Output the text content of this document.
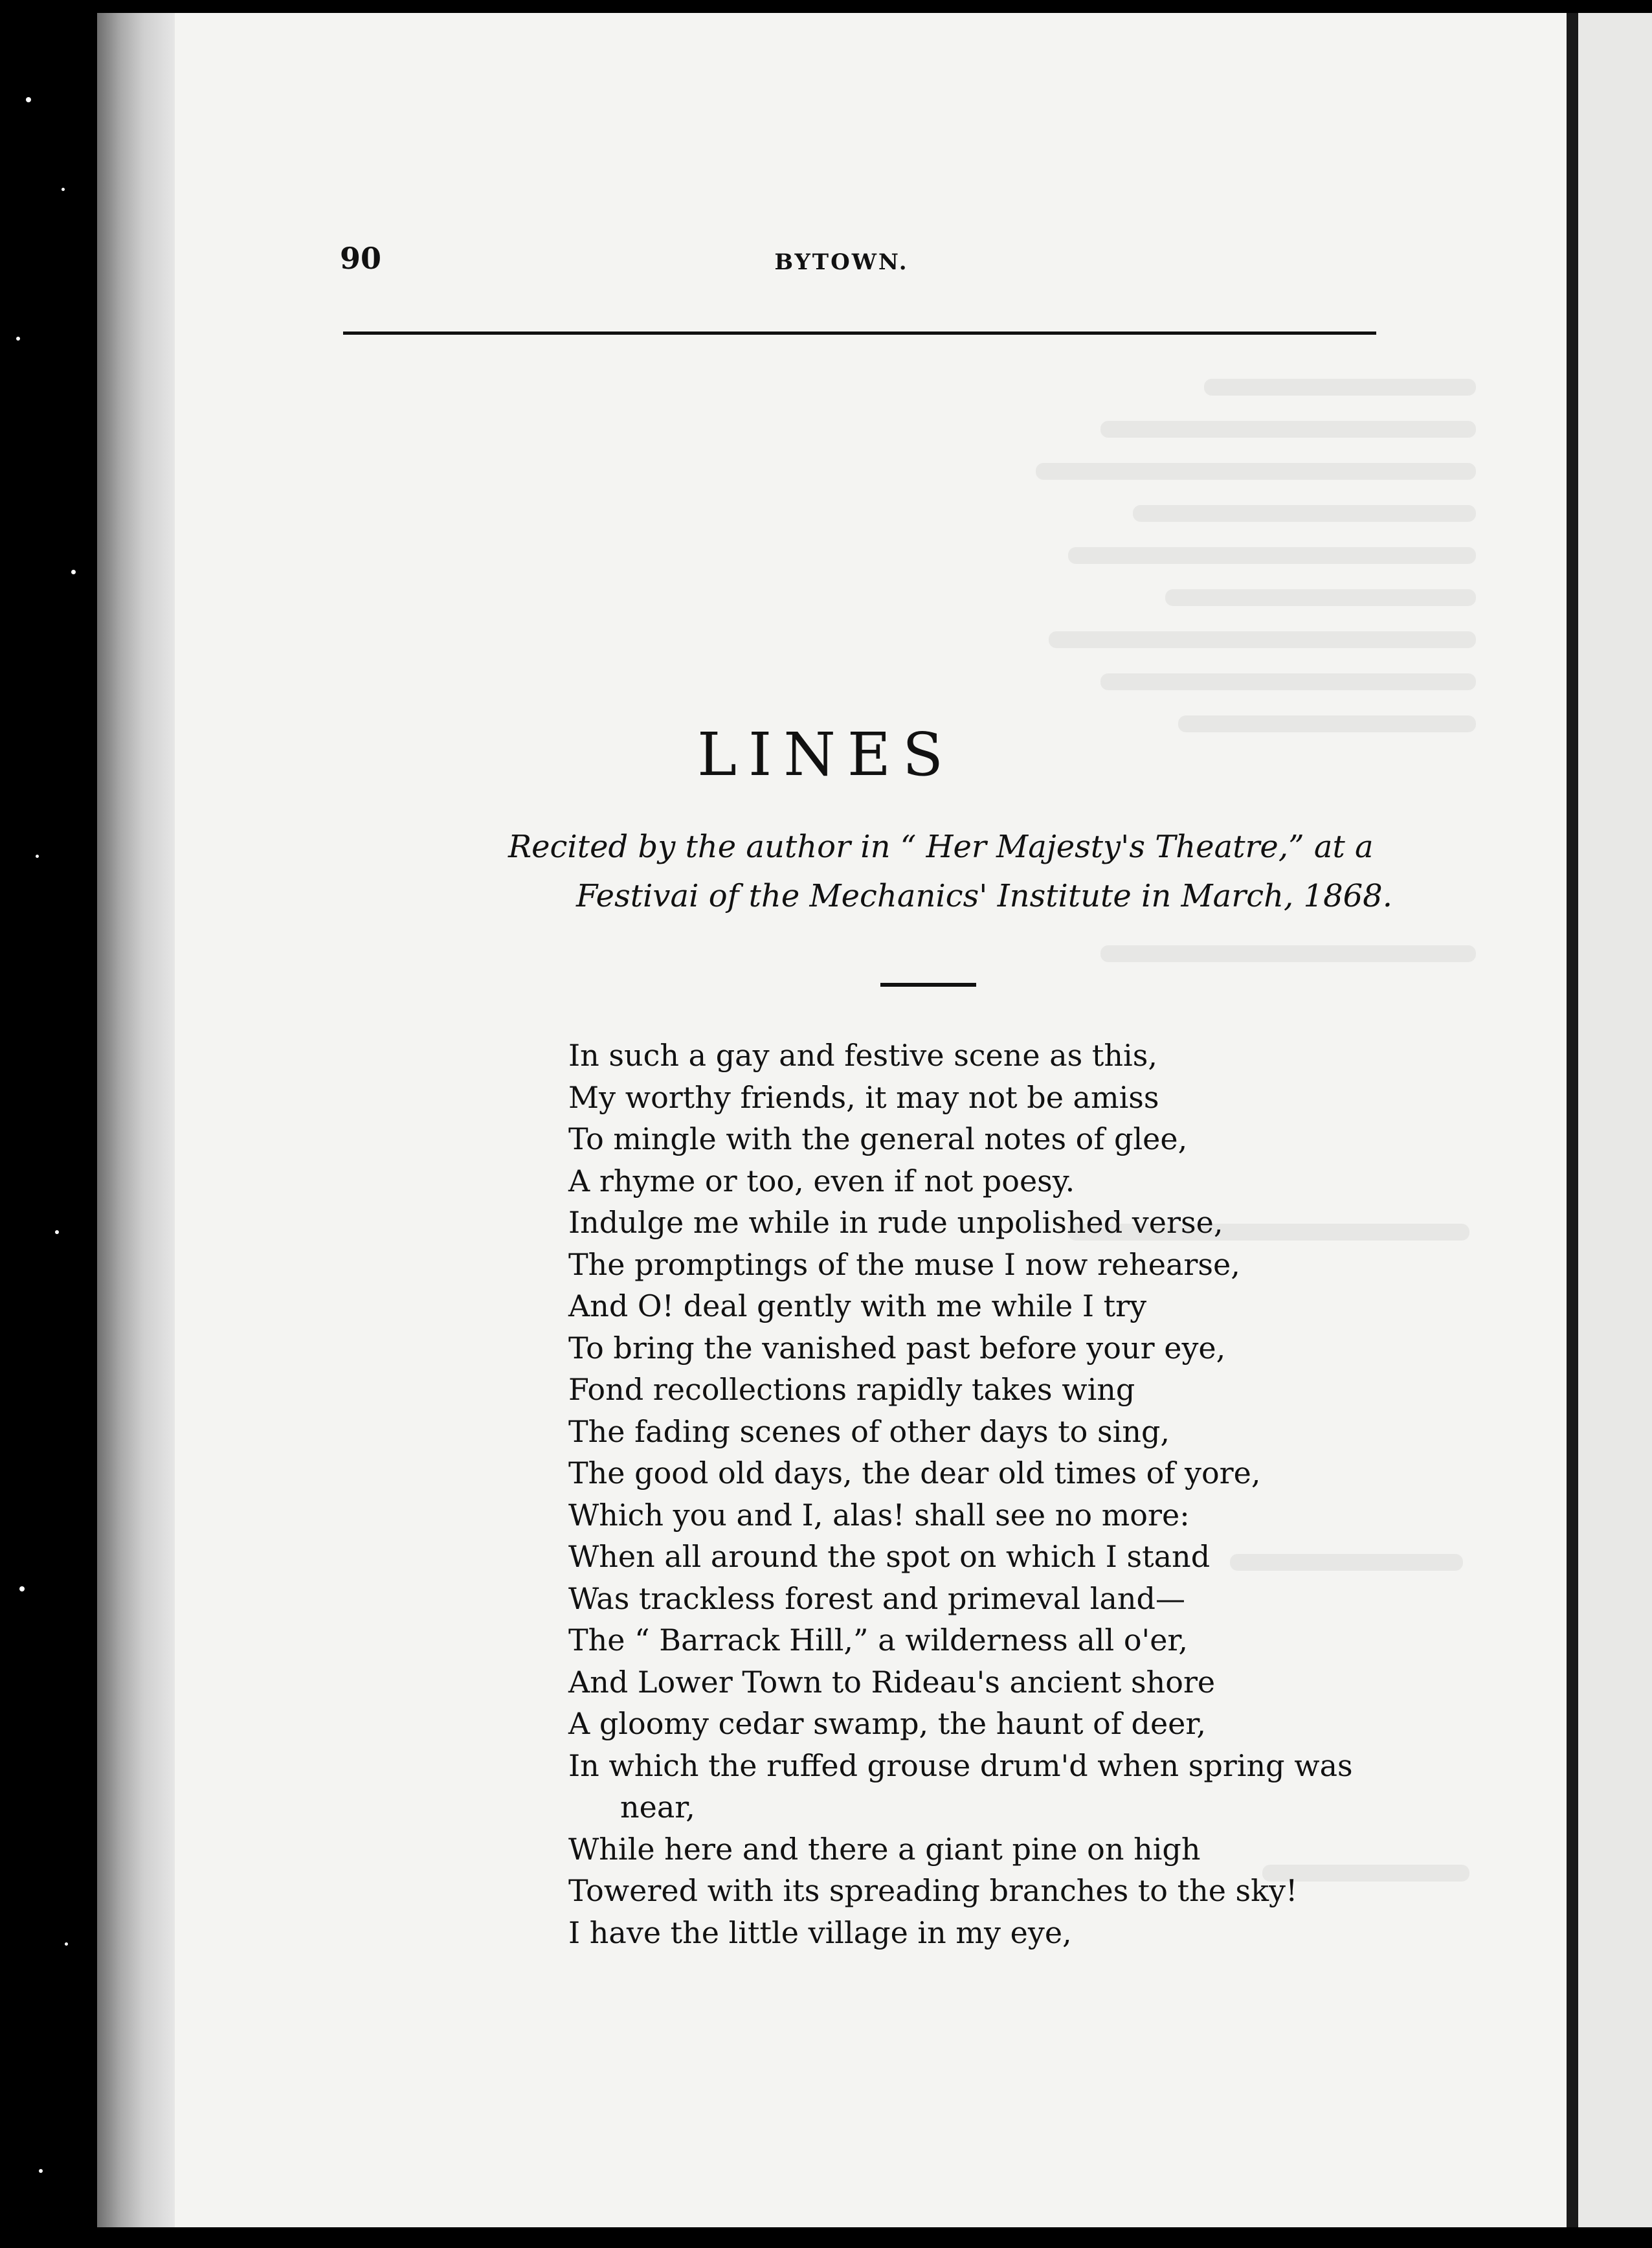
90	BYTOWN.
LINES
Recited by the author in “ Her Majesty's Theatre,” at a
Festivai of the Mechanics' Institute in March, 1868.
In such a gay and festive scene as this,
My worthy friends, it may not be amiss
To mingle with the general notes of glee,
A rhyme or too, even if not poesy.
Indulge me while in rude unpolished verse,
The promptings of the muse I now rehearse,
And O! deal gently with me while I try
To bring the vanished past before your eye,
Fond recollections rapidly takes wing
The fading scenes of other days to sing,
The good old days, the dear old times of yore,
Which you and I, alas! shall see no more:
When all around the spot on which I stand
Was trackless forest and primeval land—
The “ Barrack Hill,” a wilderness all o'er,
And Lower Town to Rideau's ancient shore
A gloomy cedar swamp, the haunt of deer,
In which the ruffed grouse drum'd when spring was
near,
While here and there a giant pine on high
Towered with its spreading branches to the sky!
I have the little village in my eye,
